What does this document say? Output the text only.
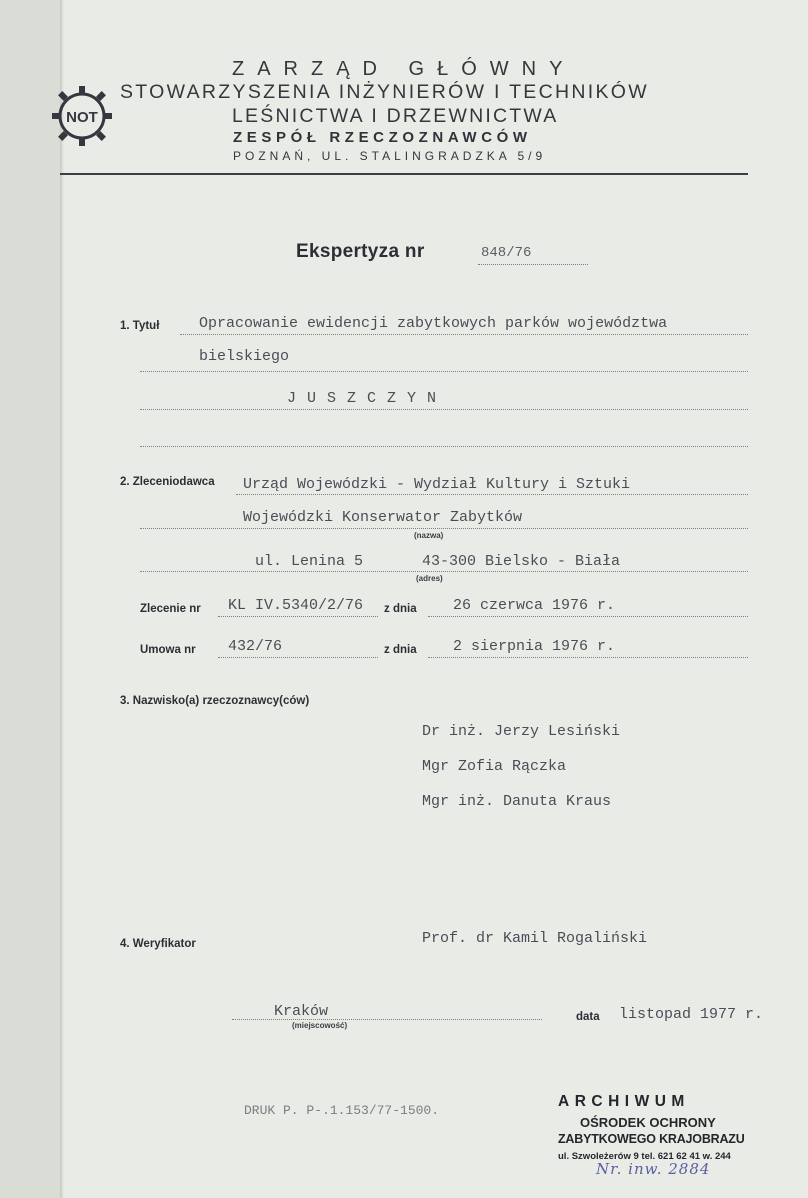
NOT
ZARZĄD GŁÓWNY
STOWARZYSZENIA INŻYNIERÓW I TECHNIKÓW
LEŚNICTWA I DRZEWNICTWA
ZESPÓŁ RZECZOZNAWCÓW
POZNAŃ, UL. STALINGRADZKA 5/9
Ekspertyza nr	848/76
1. Tytuł	Opracowanie ewidencji zabytkowych parków województwa
bielskiego
J U S Z C Z Y N
2. Zleceniodawca Urząd Wojewódzki - Wydział Kultury i Sztuki
Wojewódzki Konserwator Zabytków
(nazwa)
ul. Lenina 5	43-300 Bielsko - Biała
(adres)
Zlecenie nr KL IV.5340/2/76 z dnia 26 czerwca 1976 r.
Umowa nr 432/76	z dnia 2 sierpnia 1976 r.
3. Nazwisko(a) rzeczoznawcy(ców)
Dr inż. Jerzy Lesiński
Mgr Zofia Rączka
Mgr inż. Danuta Kraus
4. Weryfikator	Prof. dr Kamil Rogaliński
Kraków
(miejscowość)
data listopad 1977 r.
DRUK P. P-.1.153/77-1500.
ARCHIWUM
OŚRODEK OCHRONY
ZABYTKOWEGO KRAJOBRAZU
ul. Szwoleżerów 9 tel. 621 62 41 w. 244
Nr. inw. 2884
